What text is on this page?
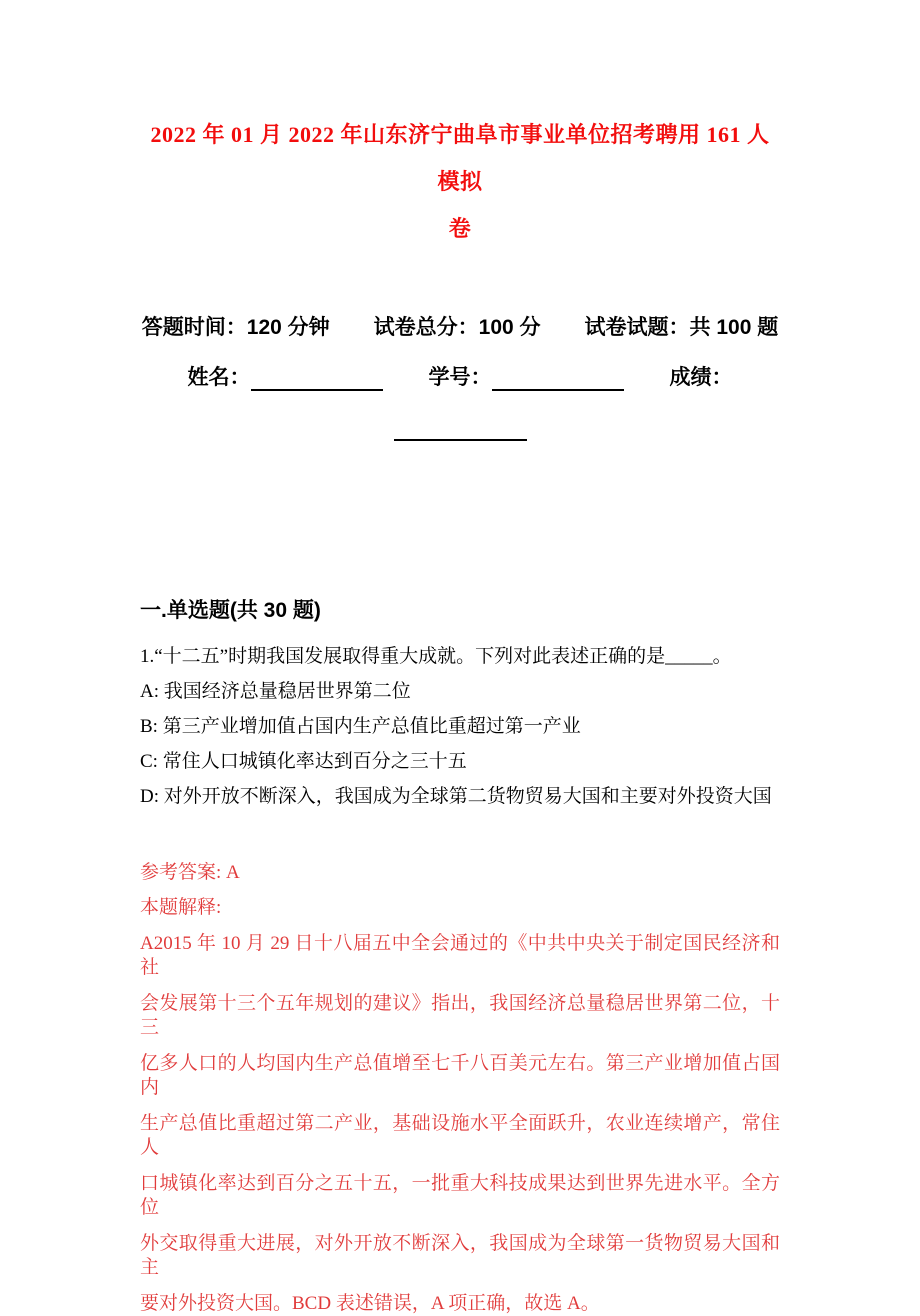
2022 年 01 月 2022 年山东济宁曲阜市事业单位招考聘用 161 人模拟
卷
答题时间：120 分钟 试卷总分：100 分 试卷试题：共 100 题
姓名：	学号：	成绩：
一.单选题(共 30 题)
1.“十二五”时期我国发展取得重大成就。下列对此表述正确的是_____。
A: 我国经济总量稳居世界第二位
B: 第三产业增加值占国内生产总值比重超过第一产业
C: 常住人口城镇化率达到百分之三十五
D: 对外开放不断深入，我国成为全球第二货物贸易大国和主要对外投资大国
参考答案: A
本题解释:
A2015 年 10 月 29 日十八届五中全会通过的《中共中央关于制定国民经济和社
会发展第十三个五年规划的建议》指出，我国经济总量稳居世界第二位，十三
亿多人口的人均国内生产总值增至七千八百美元左右。第三产业增加值占国内
生产总值比重超过第二产业，基础设施水平全面跃升，农业连续增产，常住人
口城镇化率达到百分之五十五，一批重大科技成果达到世界先进水平。全方位
外交取得重大进展，对外开放不断深入，我国成为全球第一货物贸易大国和主
要对外投资大国。BCD 表述错误，A 项正确，故选 A。
